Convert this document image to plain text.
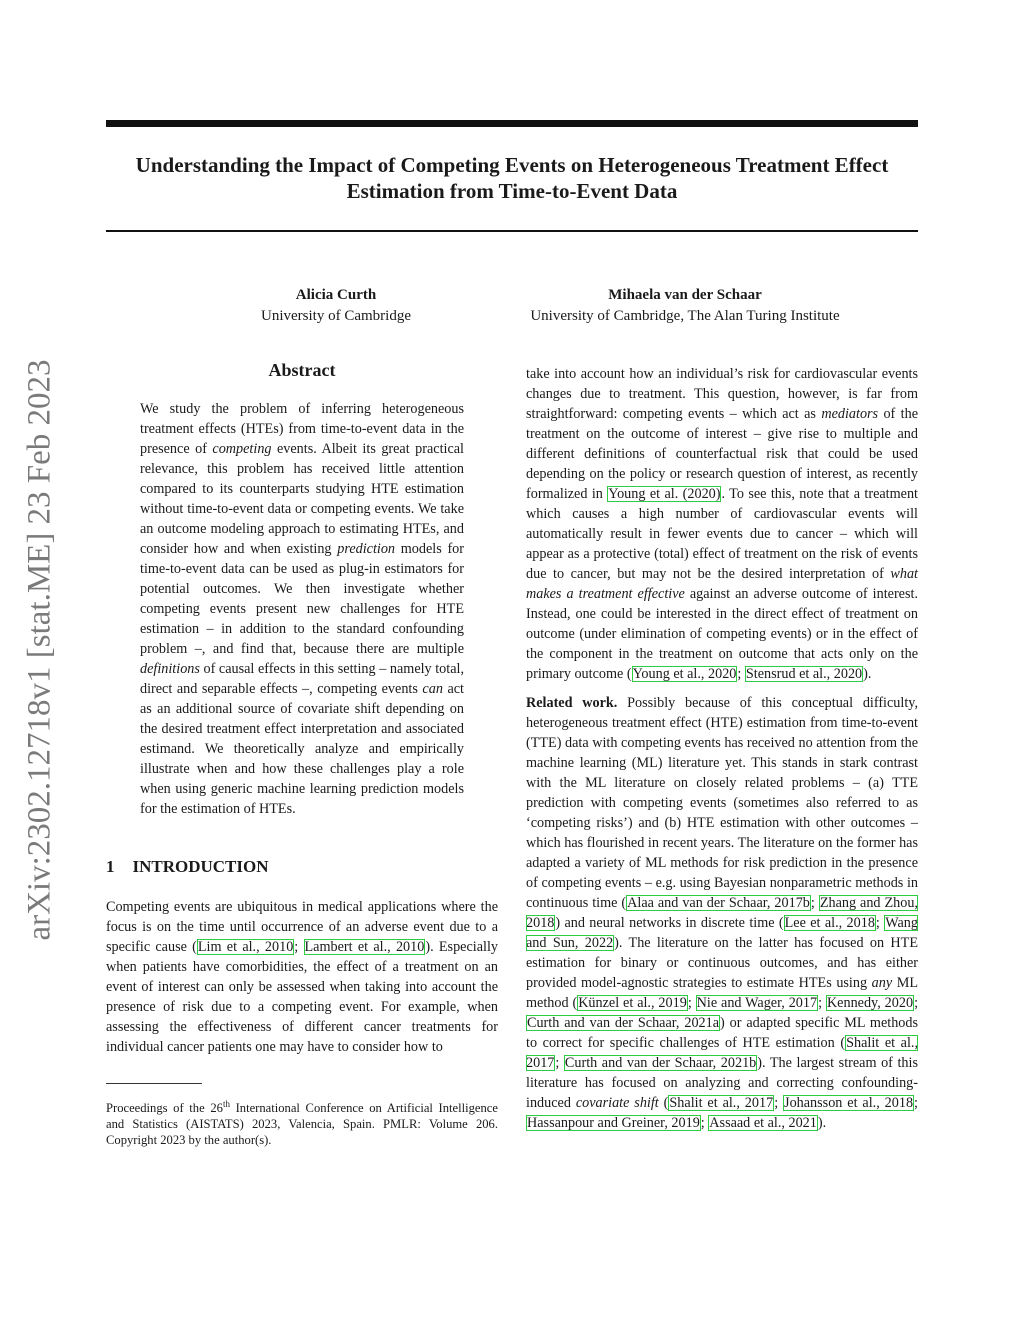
Understanding the Impact of Competing Events on Heterogeneous Treatment Effect Estimation from Time-to-Event Data
Alicia Curth
University of Cambridge
Mihaela van der Schaar
University of Cambridge, The Alan Turing Institute
arXiv:2302.12718v1 [stat.ME] 23 Feb 2023	Abstract

We study the problem of inferring heterogeneous treatment effects (HTEs) from time-to-event data in the presence of competing events. Albeit its great practical relevance, this problem has received little attention compared to its counterparts studying HTE estimation without time-to-event data or competing events. We take an outcome modeling approach to estimating HTEs, and consider how and when existing prediction models for time-to-event data can be used as plug-in estimators for potential outcomes. We then investigate whether competing events present new challenges for HTE estimation – in addition to the standard confounding problem –, and find that, because there are multiple definitions of causal effects in this setting – namely total, direct and separable effects –, competing events can act as an additional source of covariate shift depending on the desired treatment effect interpretation and associated estimand. We theoretically analyze and empirically illustrate when and how these challenges play a role when using generic machine learning prediction models for the estimation of HTEs.

1 INTRODUCTION

Competing events are ubiquitous in medical applications where the focus is on the time until occurrence of an adverse event due to a specific cause (Lim et al., 2010; Lambert et al., 2010). Especially when patients have comorbidities, the effect of a treatment on an event of interest can only be assessed when taking into account the presence of risk due to a competing event. For example, when assessing the effectiveness of different cancer treatments for individual cancer patients one may have to consider how to

Proceedings of the 26th International Conference on Artificial Intelligence and Statistics (AISTATS) 2023, Valencia, Spain. PMLR: Volume 206. Copyright 2023 by the author(s).

take into account how an individual’s risk for cardiovascular events changes due to treatment. This question, however, is far from straightforward: competing events – which act as mediators of the treatment on the outcome of interest – give rise to multiple and different definitions of counterfactual risk that could be used depending on the policy or research question of interest, as recently formalized in Young et al. (2020). To see this, note that a treatment which causes a high number of cardiovascular events will automatically result in fewer events due to cancer – which will appear as a protective (total) effect of treatment on the risk of events due to cancer, but may not be the desired interpretation of what makes a treatment effective against an adverse outcome of interest. Instead, one could be interested in the direct effect of treatment on outcome (under elimination of competing events) or in the effect of the component in the treatment on outcome that acts only on the primary outcome (Young et al., 2020; Stensrud et al., 2020).

Related work. Possibly because of this conceptual difficulty, heterogeneous treatment effect (HTE) estimation from time-to-event (TTE) data with competing events has received no attention from the machine learning (ML) literature yet. This stands in stark contrast with the ML literature on closely related problems – (a) TTE prediction with competing events (sometimes also referred to as ‘competing risks’) and (b) HTE estimation with other outcomes – which has flourished in recent years. The literature on the former has adapted a variety of ML methods for risk prediction in the presence of competing events – e.g. using Bayesian nonparametric methods in continuous time (Alaa and van der Schaar, 2017b; Zhang and Zhou, 2018) and neural networks in discrete time (Lee et al., 2018; Wang and Sun, 2022). The literature on the latter has focused on HTE estimation for binary or continuous outcomes, and has either provided model-agnostic strategies to estimate HTEs using any ML method (Künzel et al., 2019; Nie and Wager, 2017; Kennedy, 2020; Curth and van der Schaar, 2021a) or adapted specific ML methods to correct for specific challenges of HTE estimation (Shalit et al., 2017; Curth and van der Schaar, 2021b). The largest stream of this literature has focused on analyzing and correcting confounding-induced covariate shift (Shalit et al., 2017; Johansson et al., 2018; Hassanpour and Greiner, 2019; Assaad et al., 2021).
